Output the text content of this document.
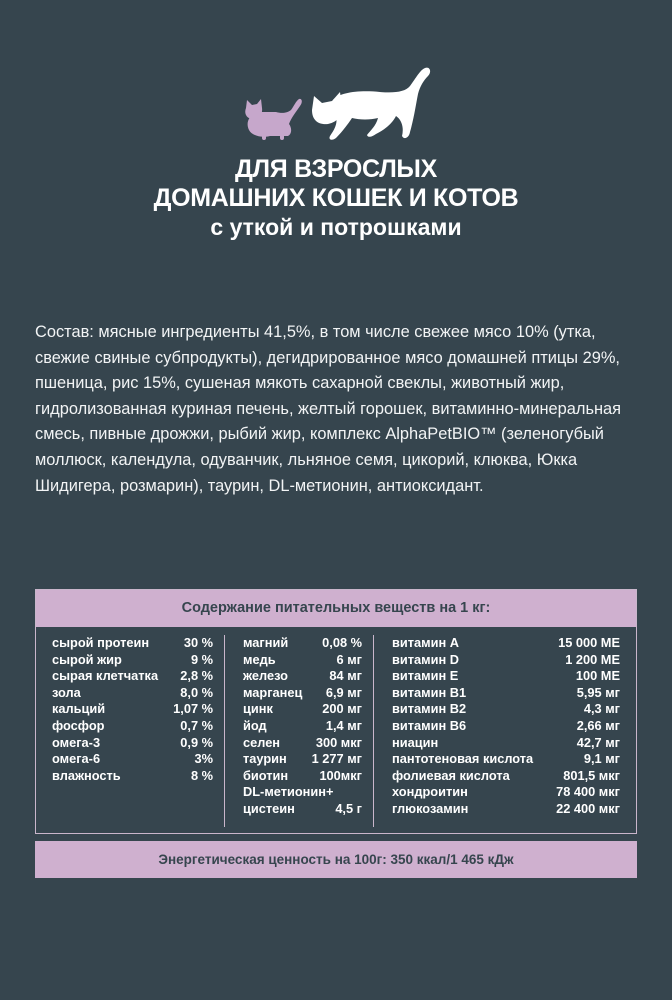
ДЛЯ ВЗРОСЛЫХ
ДОМАШНИХ КОШЕК И КОТОВ
с уткой и потрошками
Состав: мясные ингредиенты 41,5%, в том числе свежее мясо 10% (утка, свежие свиные субпродукты), дегидрированное мясо домашней птицы 29%, пшеница, рис 15%, сушеная мякоть сахарной свеклы, животный жир, гидролизованная куриная печень, желтый горошек, витаминно-минеральная смесь, пивные дрожжи, рыбий жир, комплекс AlphaPetBIO™ (зеленогубый моллюск, календула, одуванчик, льняное семя, цикорий, клюква, Юкка Шидигера, розмарин), таурин, DL-метионин, антиоксидант.
Содержание питательных веществ на 1 кг:
сырой протеин	30 %
сырой жир	9 %
сырая клетчатка 2,8 %
зола	8,0 %
кальций	1,07 %
фосфор	0,7 %
омега-3	0,9 %
омега-6	3%
влажность	8 %
магний	0,08 %
медь	6 мг
железо	84 мг
марганец 6,9 мг
цинк	200 мг
йод	1,4 мг
селен	300 мкг
таурин 1 277 мг
биотин 100мкг
DL-метионин+
цистеин	4,5 г
витамин А	15 000 МЕ
витамин D	1 200 МЕ
витамин E	100 МЕ
витамин B1	5,95 мг
витамин B2	4,3 мг
витамин B6	2,66 мг
ниацин	42,7 мг
пантотеновая кислота	9,1 мг
фолиевая кислота	801,5 мкг
хондроитин	78 400 мкг
глюкозамин	22 400 мкг
Энергетическая ценность на 100г: 350 ккал/1 465 кДж
